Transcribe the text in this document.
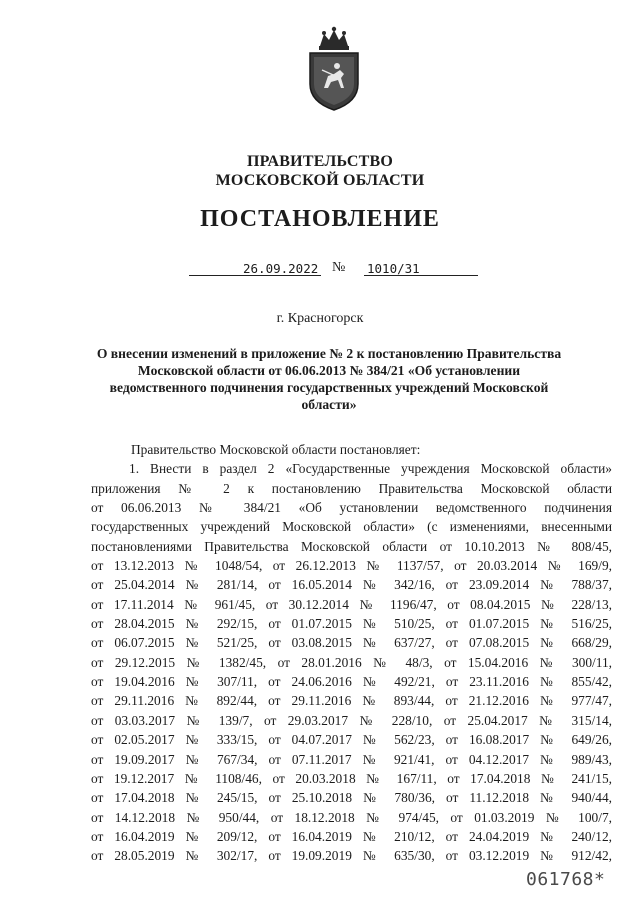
ПРАВИТЕЛЬСТВО
МОСКОВСКОЙ ОБЛАСТИ
ПОСТАНОВЛЕНИЕ
26.09.2022 № 1010/31
г. Красногорск
О внесении изменений в приложение № 2 к постановлению Правительства Московской области от 06.06.2013 № 384/21 «Об установлении ведомственного подчинения государственных учреждений Московской области»

Правительство Московской области постановляет:

1. Внести в раздел 2 «Государственные учреждения Московской области»

приложения № 2 к постановлению Правительства Московской области

от 06.06.2013 № 384/21 «Об установлении ведомственного подчинения

государственных учреждений Московской области» (с изменениями, внесенными

постановлениями Правительства Московской области от 10.10.2013 № 808/45,

от 13.12.2013 № 1048/54, от 26.12.2013 № 1137/57, от 20.03.2014 № 169/9,

от 25.04.2014 № 281/14, от 16.05.2014 № 342/16, от 23.09.2014 № 788/37,

от 17.11.2014 № 961/45, от 30.12.2014 № 1196/47, от 08.04.2015 № 228/13,

от 28.04.2015 № 292/15, от 01.07.2015 № 510/25, от 01.07.2015 № 516/25,

от 06.07.2015 № 521/25, от 03.08.2015 № 637/27, от 07.08.2015 № 668/29,

от 29.12.2015 № 1382/45, от 28.01.2016 № 48/3, от 15.04.2016 № 300/11,

от 19.04.2016 № 307/11, от 24.06.2016 № 492/21, от 23.11.2016 № 855/42,

от 29.11.2016 № 892/44, от 29.11.2016 № 893/44, от 21.12.2016 № 977/47,

от 03.03.2017 № 139/7, от 29.03.2017 № 228/10, от 25.04.2017 № 315/14,

от 02.05.2017 № 333/15, от 04.07.2017 № 562/23, от 16.08.2017 № 649/26,

от 19.09.2017 № 767/34, от 07.11.2017 № 921/41, от 04.12.2017 № 989/43,

от 19.12.2017 № 1108/46, от 20.03.2018 № 167/11, от 17.04.2018 № 241/15,

от 17.04.2018 № 245/15, от 25.10.2018 № 780/36, от 11.12.2018 № 940/44,

от 14.12.2018 № 950/44, от 18.12.2018 № 974/45, от 01.03.2019 № 100/7,

от 16.04.2019 № 209/12, от 16.04.2019 № 210/12, от 24.04.2019 № 240/12,

от 28.05.2019 № 302/17, от 19.09.2019 № 635/30, от 03.12.2019 № 912/42,

061768*
